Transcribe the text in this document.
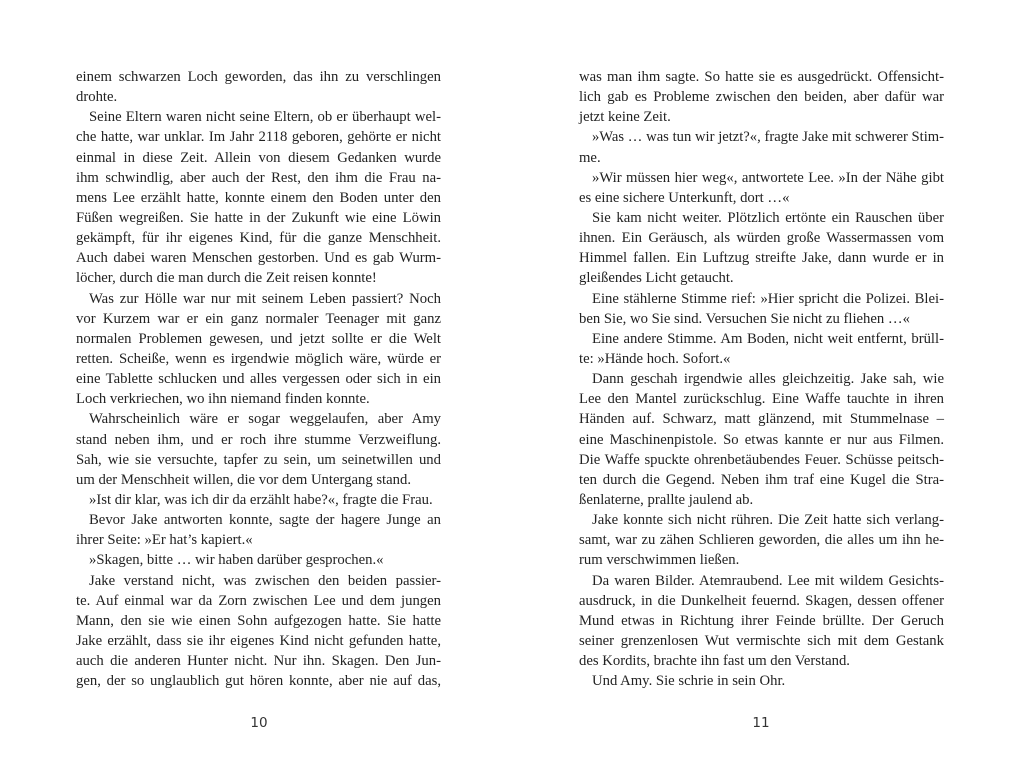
einem schwarzen Loch geworden, das ihn zu verschlingen
drohte.
Seine Eltern waren nicht seine Eltern, ob er überhaupt wel-
che hatte, war unklar. Im Jahr 2118 geboren, gehörte er nicht
einmal in diese Zeit. Allein von diesem Gedanken wurde
ihm schwindlig, aber auch der Rest, den ihm die Frau na-
mens Lee erzählt hatte, konnte einem den Boden unter den
Füßen wegreißen. Sie hatte in der Zukunft wie eine Löwin
gekämpft, für ihr eigenes Kind, für die ganze Menschheit.
Auch dabei waren Menschen gestorben. Und es gab Wurm-
löcher, durch die man durch die Zeit reisen konnte!
Was zur Hölle war nur mit seinem Leben passiert? Noch
vor Kurzem war er ein ganz normaler Teenager mit ganz
normalen Problemen gewesen, und jetzt sollte er die Welt
retten. Scheiße, wenn es irgendwie möglich wäre, würde er
eine Tablette schlucken und alles vergessen oder sich in ein
Loch verkriechen, wo ihn niemand finden konnte.
Wahrscheinlich wäre er sogar weggelaufen, aber Amy
stand neben ihm, und er roch ihre stumme Verzweiflung.
Sah, wie sie versuchte, tapfer zu sein, um seinetwillen und
um der Menschheit willen, die vor dem Untergang stand.
»Ist dir klar, was ich dir da erzählt habe?«, fragte die Frau.
Bevor Jake antworten konnte, sagte der hagere Junge an
ihrer Seite: »Er hat’s kapiert.«
»Skagen, bitte … wir haben darüber gesprochen.«
Jake verstand nicht, was zwischen den beiden passier-
te. Auf einmal war da Zorn zwischen Lee und dem jungen
Mann, den sie wie einen Sohn aufgezogen hatte. Sie hatte
Jake erzählt, dass sie ihr eigenes Kind nicht gefunden hatte,
auch die anderen Hunter nicht. Nur ihn. Skagen. Den Jun-
gen, der so unglaublich gut hören konnte, aber nie auf das,
10
was man ihm sagte. So hatte sie es ausgedrückt. Offensicht-
lich gab es Probleme zwischen den beiden, aber dafür war
jetzt keine Zeit.
»Was … was tun wir jetzt?«, fragte Jake mit schwerer Stim-
me.
»Wir müssen hier weg«, antwortete Lee. »In der Nähe gibt
es eine sichere Unterkunft, dort …«
Sie kam nicht weiter. Plötzlich ertönte ein Rauschen über
ihnen. Ein Geräusch, als würden große Wassermassen vom
Himmel fallen. Ein Luftzug streifte Jake, dann wurde er in
gleißendes Licht getaucht.
Eine stählerne Stimme rief: »Hier spricht die Polizei. Blei-
ben Sie, wo Sie sind. Versuchen Sie nicht zu fliehen …«
Eine andere Stimme. Am Boden, nicht weit entfernt, brüll-
te: »Hände hoch. Sofort.«
Dann geschah irgendwie alles gleichzeitig. Jake sah, wie
Lee den Mantel zurückschlug. Eine Waffe tauchte in ihren
Händen auf. Schwarz, matt glänzend, mit Stummelnase –
eine Maschinenpistole. So etwas kannte er nur aus Filmen.
Die Waffe spuckte ohrenbetäubendes Feuer. Schüsse peitsch-
ten durch die Gegend. Neben ihm traf eine Kugel die Stra-
ßenlaterne, prallte jaulend ab.
Jake konnte sich nicht rühren. Die Zeit hatte sich verlang-
samt, war zu zähen Schlieren geworden, die alles um ihn he-
rum verschwimmen ließen.
Da waren Bilder. Atemraubend. Lee mit wildem Gesichts-
ausdruck, in die Dunkelheit feuernd. Skagen, dessen offener
Mund etwas in Richtung ihrer Feinde brüllte. Der Geruch
seiner grenzenlosen Wut vermischte sich mit dem Gestank
des Kordits, brachte ihn fast um den Verstand.
Und Amy. Sie schrie in sein Ohr.
11
